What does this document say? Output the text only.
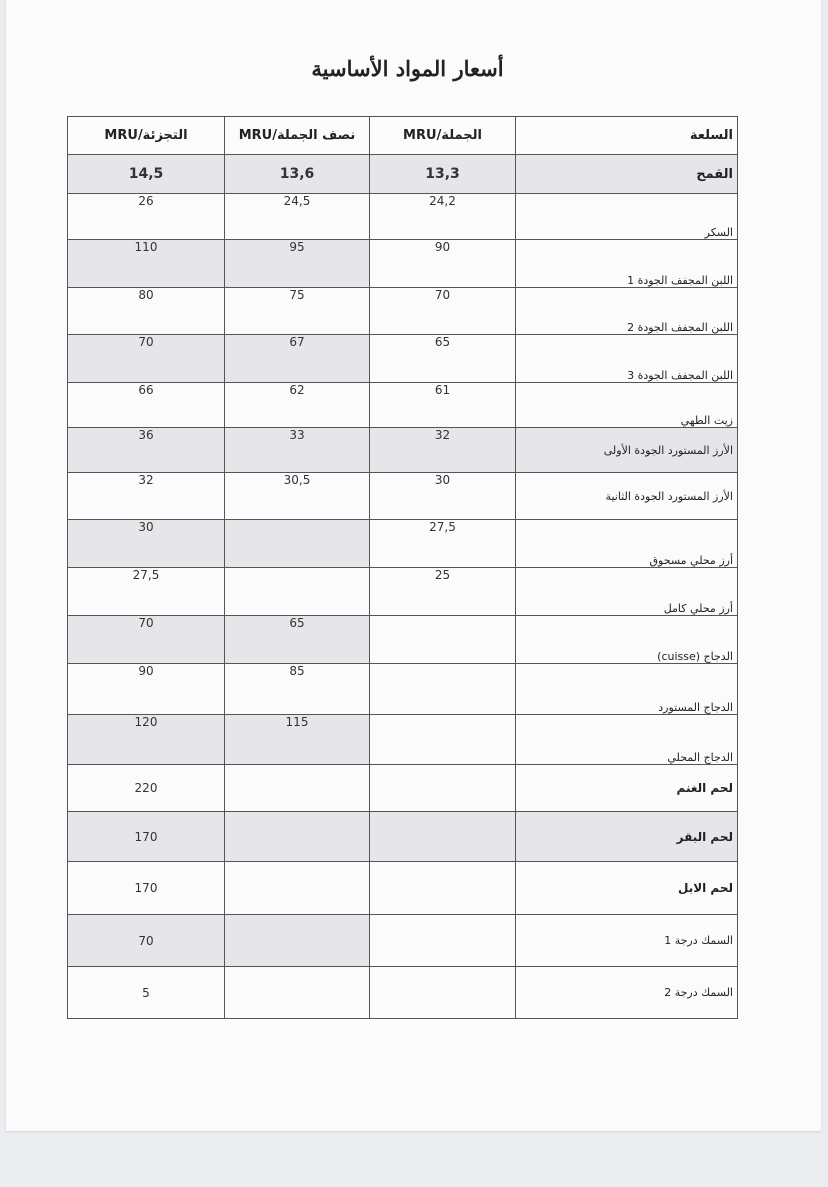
أسعار المواد الأساسية
السلعة	الجملة/MRU	نصف الجملة/MRU	التجزئة/MRU
القمح	13,3	13,6	14,5
السكر	24,2	24,5	26
اللبن المجفف الجودة 1	90	95	110
اللبن المجفف الجودة 2	70	75	80
اللبن المجفف الجودة 3	65	67	70
زيت الطهي	61	62	66
الأرز المستورد الجودة الأولى	32	33	36
الأرز المستورد الجودة الثانية	30	30,5	32
أرز محلي مسحوق	27,5		30
أرز محلي كامل	25		27,5
الدجاج (cuisse)		65	70
الدجاج المستورد		85	90
الدجاج المحلي		115	120
لحم الغنم			220
لحم البقر			170
لحم الابل			170
السمك درجة 1			70
السمك درجة 2			5
